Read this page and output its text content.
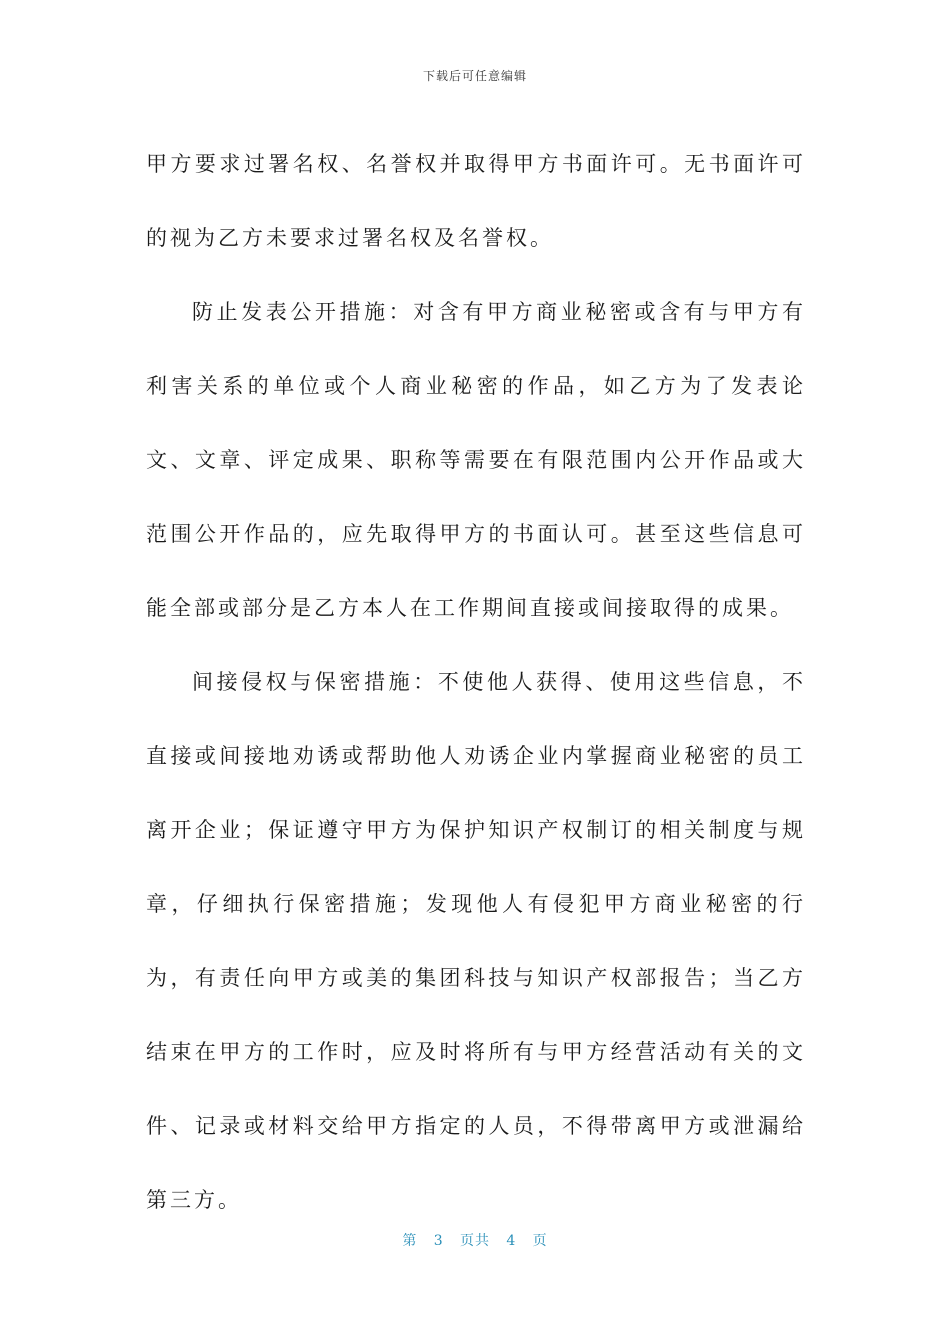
下载后可任意编辑

甲方要求过署名权、名誉权并取得甲方书面许可。无书面许可的视为乙方未要求过署名权及名誉权。

防止发表公开措施：对含有甲方商业秘密或含有与甲方有利害关系的单位或个人商业秘密的作品，如乙方为了发表论文、文章、评定成果、职称等需要在有限范围内公开作品或大范围公开作品的，应先取得甲方的书面认可。甚至这些信息可能全部或部分是乙方本人在工作期间直接或间接取得的成果。

间接侵权与保密措施：不使他人获得、使用这些信息，不直接或间接地劝诱或帮助他人劝诱企业内掌握商业秘密的员工离开企业；保证遵守甲方为保护知识产权制订的相关制度与规章，仔细执行保密措施；发现他人有侵犯甲方商业秘密的行为，有责任向甲方或美的集团科技与知识产权部报告；当乙方结束在甲方的工作时，应及时将所有与甲方经营活动有关的文件、记录或材料交给甲方指定的人员，不得带离甲方或泄漏给第三方。

第 3 页共 4 页
